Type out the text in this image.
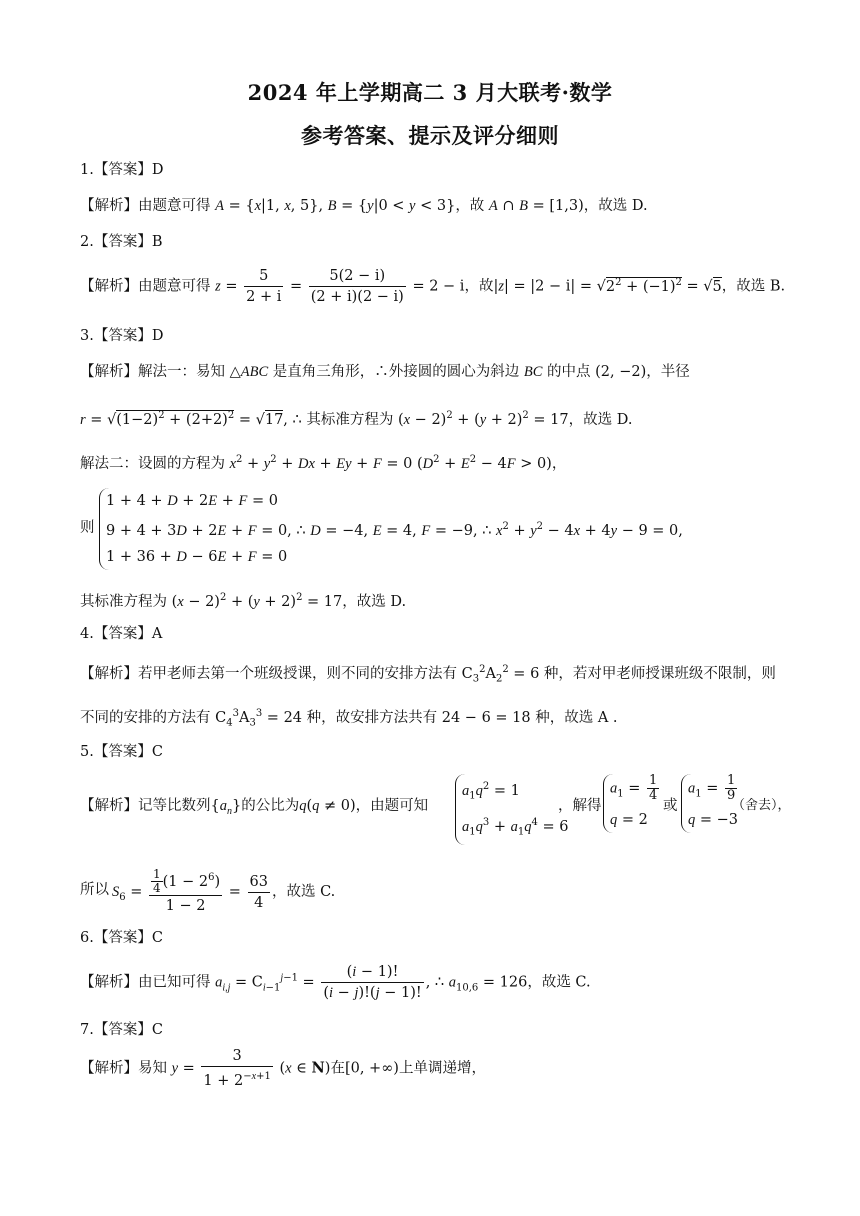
2024 年上学期高二 3 月大联考·数学
参考答案、提示及评分细则
1.【答案】D
【解析】由题意可得 A = {x|1, x, 5}, B = {y|0 < y < 3}，故 A ∩ B = [1,3)，故选 D.
2.【答案】B
【解析】由题意可得 $z = \frac{5}{2 + i} = \frac{5(2 - i)}{(2 + i)(2 - i)} = 2 - i$，故$|z| = |2 - i| = √2^2 + (-1)^2 = √5$，故选 B.
3.【答案】D
【解析】解法一：易知 △ABC 是直角三角形，∴外接圆的圆心为斜边 BC 的中点 (2, −2)，半径
$r = √(1-2)^2 + (2+2)^2 = √17$, ∴ 其标准方程为 $(x - 2)^2 + (y + 2)^2 = 17$，故选 D.
解法二：设圆的方程为 $x^2 + y^2 + Dx + Ey + F = 0$ $(D^2 + E^2 - 4F > 0)$，
则
1 + 4 + D + 2E + F = 0
9 + 4 + 3D + 2E + F = 0, ∴ D = −4, E = 4, F = −9, ∴ $x^2 + y^2 - 4x + 4y - 9 = 0$,
1 + 36 + D − 6E + F = 0
其标准方程为 $(x - 2)^2 + (y + 2)^2 = 17$，故选 D.
4.【答案】A
【解析】若甲老师去第一个班级授课，则不同的安排方法有 $C_3^2A_2^2 = 6$ 种，若对甲老师授课班级不限制，则
不同的安排的方法有 $C_4^3A_3^3 = 24$ 种，故安排方法共有 24 − 6 = 18 种，故选 A .
5.【答案】C
【解析】记等比数列$\{a_n\}$的公比为q(q ≠ 0)，由题可知
$a_1q^2 = 1$
$a_1q^3 + a_1q^4 = 6$
，解得
$a_1 = \frac{1}{4}$
q = 2
或
$a_1 = \frac{1}{9}$
q = −3
（舍去），
所以 $S_6 = \frac{\frac{1}{4} (1 - 2^6)}{1 - 2} = \frac{63}{4}$ ，故选 C.
6.【答案】C
【解析】由已知可得 $a_{i,j} = C_{i-1}^{j-1} = \frac{(i - 1)!}{(i - j)!(j - 1)!}$ , ∴ $a_{10,6} = 126$，故选 C.
7.【答案】C
【解析】易知 $y = \frac{3}{1 + 2^{-x+1}} (x$ ∈ N)在[0, +∞)上单调递增，
